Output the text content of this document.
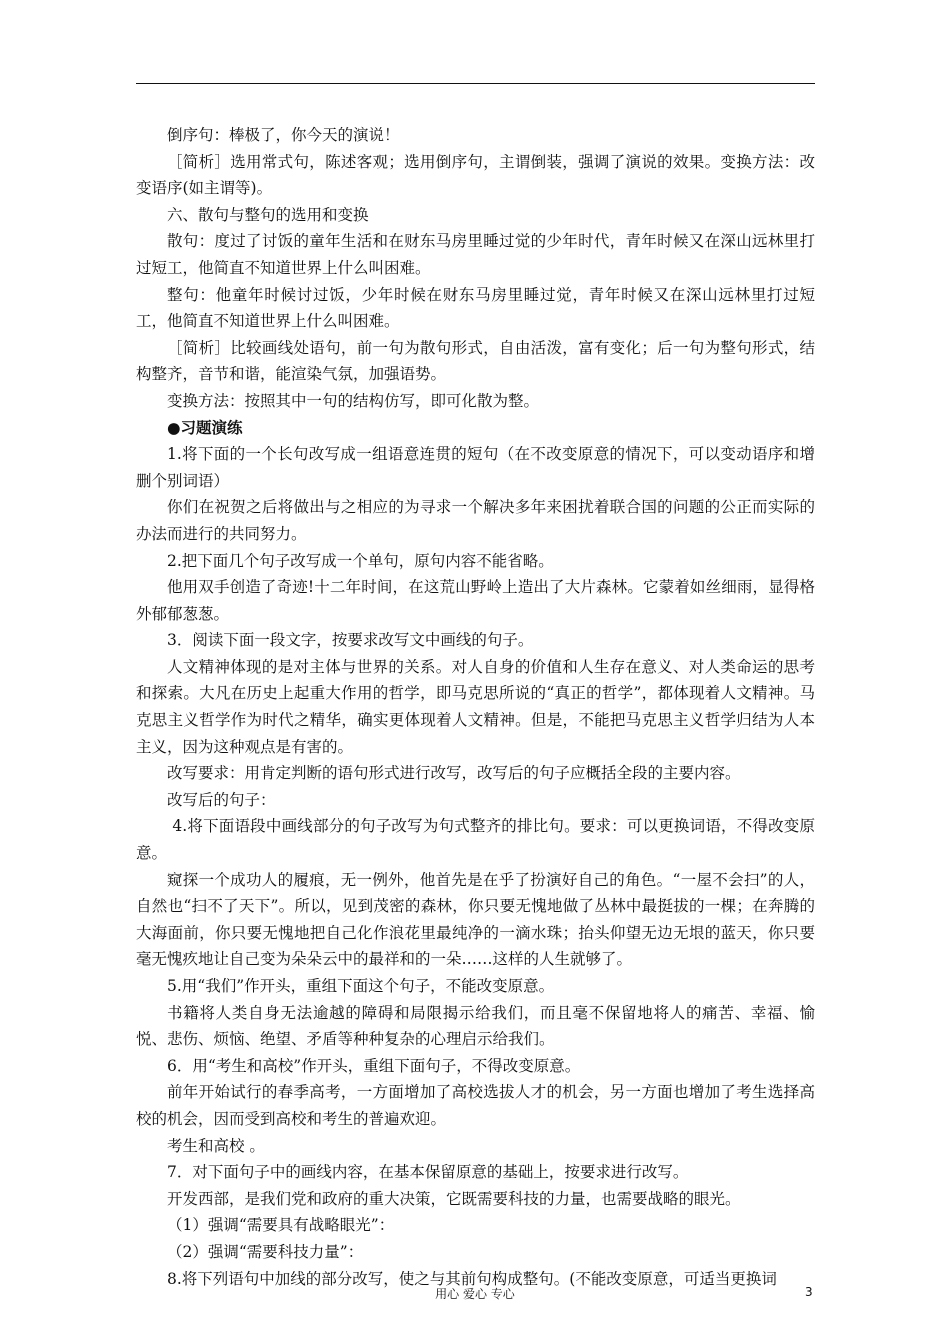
倒序句：棒极了，你今天的演说！

［简析］选用常式句，陈述客观；选用倒序句，主谓倒装，强调了演说的效果。变换方法：改变语序(如主谓等)。

六、散句与整句的选用和变换

散句：度过了讨饭的童年生活和在财东马房里睡过觉的少年时代，青年时候又在深山远林里打过短工，他简直不知道世界上什么叫困难。

整句：他童年时候讨过饭，少年时候在财东马房里睡过觉，青年时候又在深山远林里打过短工，他简直不知道世界上什么叫困难。

［简析］比较画线处语句，前一句为散句形式，自由活泼，富有变化；后一句为整句形式，结构整齐，音节和谐，能渲染气氛，加强语势。

变换方法：按照其中一句的结构仿写，即可化散为整。

●习题演练

1.将下面的一个长句改写成一组语意连贯的短句（在不改变原意的情况下，可以变动语序和增删个别词语）

你们在祝贺之后将做出与之相应的为寻求一个解决多年来困扰着联合国的问题的公正而实际的办法而进行的共同努力。

2.把下面几个句子改写成一个单句，原句内容不能省略。

他用双手创造了奇迹!十二年时间，在这荒山野岭上造出了大片森林。它蒙着如丝细雨，显得格外郁郁葱葱。

3．阅读下面一段文字，按要求改写文中画线的句子。

人文精神体现的是对主体与世界的关系。对人自身的价值和人生存在意义、对人类命运的思考和探索。大凡在历史上起重大作用的哲学，即马克思所说的“真正的哲学”，都体现着人文精神。马克思主义哲学作为时代之精华，确实更体现着人文精神。但是，不能把马克思主义哲学归结为人本主义，因为这种观点是有害的。

改写要求：用肯定判断的语句形式进行改写，改写后的句子应概括全段的主要内容。

改写后的句子：

4.将下面语段中画线部分的句子改写为句式整齐的排比句。要求：可以更换词语，不得改变原意。

窥探一个成功人的履痕，无一例外，他首先是在乎了扮演好自己的角色。“一屋不会扫”的人，自然也“扫不了天下”。所以，见到茂密的森林，你只要无愧地做了丛林中最挺拔的一棵；在奔腾的大海面前，你只要无愧地把自己化作浪花里最纯净的一滴水珠；抬头仰望无边无垠的蓝天，你只要毫无愧疚地让自己变为朵朵云中的最祥和的一朵……这样的人生就够了。

5.用“我们”作开头，重组下面这个句子，不能改变原意。

书籍将人类自身无法逾越的障碍和局限揭示给我们，而且毫不保留地将人的痛苦、幸福、愉悦、悲伤、烦恼、绝望、矛盾等种种复杂的心理启示给我们。

6．用“考生和高校”作开头，重组下面句子，不得改变原意。

前年开始试行的春季高考，一方面增加了高校选拔人才的机会，另一方面也增加了考生选择高校的机会，因而受到高校和考生的普遍欢迎。

考生和高校 。

7．对下面句子中的画线内容，在基本保留原意的基础上，按要求进行改写。

开发西部，是我们党和政府的重大决策，它既需要科技的力量，也需要战略的眼光。

（1）强调“需要具有战略眼光”：

（2）强调“需要科技力量”：

8.将下列语句中加线的部分改写，使之与其前句构成整句。(不能改变原意，可适当更换词

用心 爱心 专心	3
